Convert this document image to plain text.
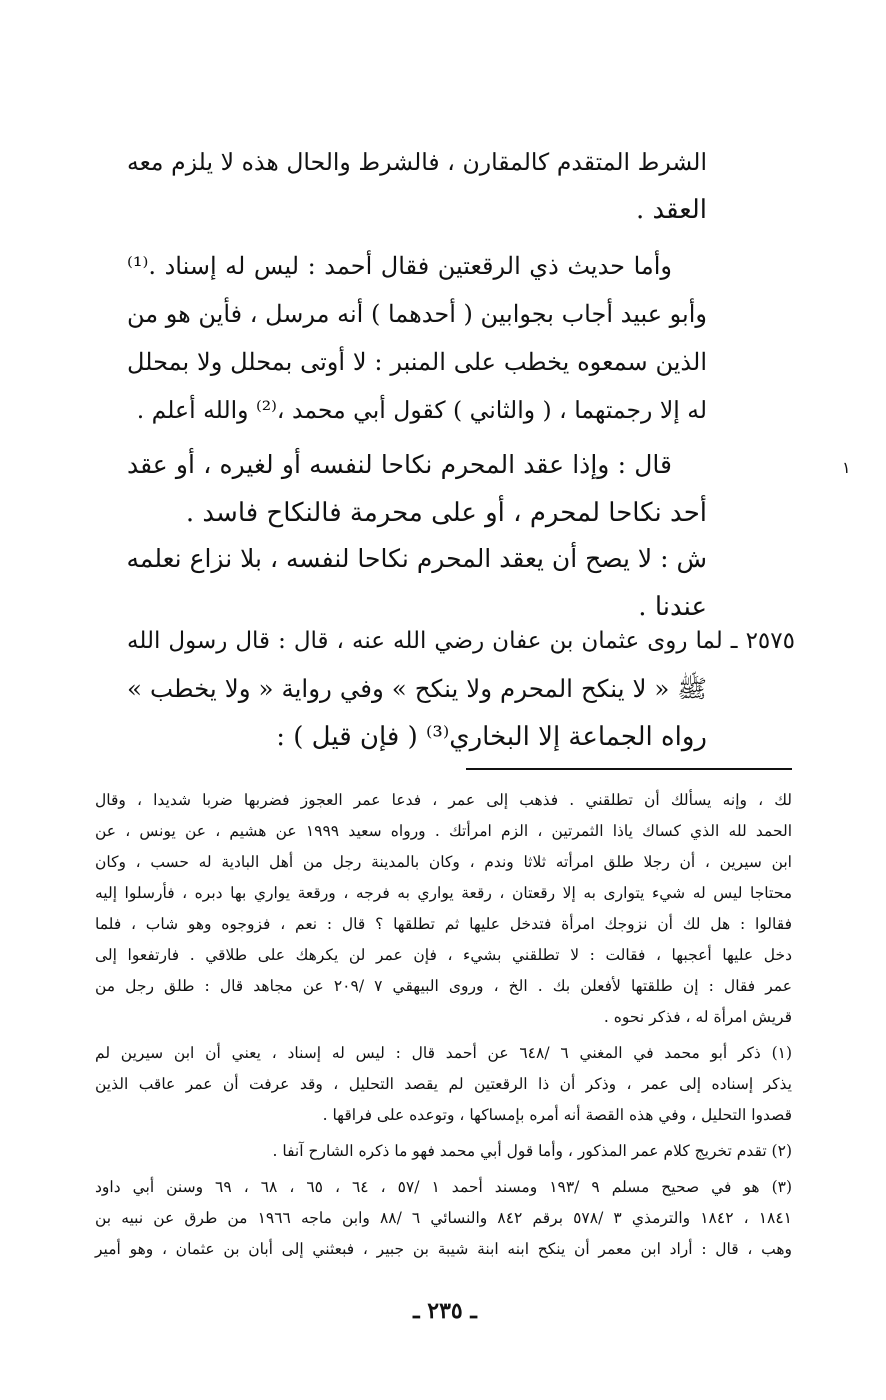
الشرط المتقدم كالمقارن ، فالشرط والحال هذه لا يلزم معه
العقد .
وأما حديث ذي الرقعتين فقال أحمد : ليس له إسناد .⁽¹⁾
وأبو عبيد أجاب بجوابين ( أحدهما ) أنه مرسل ، فأين هو من
الذين سمعوه يخطب على المنبر : لا أوتى بمحلل ولا بمحلل
له إلا رجمتهما ، ( والثاني ) كقول أبي محمد ،⁽²⁾ والله أعلم .
قال : وإذا عقد المحرم نكاحا لنفسه أو لغيره ، أو عقد
أحد نكاحا لمحرم ، أو على محرمة فالنكاح فاسد .
ش : لا يصح أن يعقد المحرم نكاحا لنفسه ، بلا نزاع نعلمه
عندنا .
٢٥٧٥ ـ لما روى عثمان بن عفان رضي الله عنه ، قال : قال رسول الله
ﷺ « لا ينكح المحرم ولا ينكح » وفي رواية « ولا يخطب »
رواه الجماعة إلا البخاري⁽³⁾ ( فإن قيل ) :
١
لك ، وإنه يسألك أن تطلقني . فذهب إلى عمر ، فدعا عمر العجوز فضربها ضربا شديدا ، وقال
الحمد لله الذي كساك ياذا الثمرتين ، الزم امرأتك . ورواه سعيد ١٩٩٩ عن هشيم ، عن يونس ، عن
ابن سيرين ، أن رجلا طلق امرأته ثلاثا وندم ، وكان بالمدينة رجل من أهل البادية له حسب ، وكان
محتاجا ليس له شيء يتوارى به إلا رقعتان ، رقعة يواري به فرجه ، ورقعة يواري بها دبره ، فأرسلوا إليه
فقالوا : هل لك أن نزوجك امرأة فتدخل عليها ثم تطلقها ؟ قال : نعم ، فزوجوه وهو شاب ، فلما
دخل عليها أعجبها ، فقالت : لا تطلقني بشيء ، فإن عمر لن يكرهك على طلاقي . فارتفعوا إلى
عمر فقال : إن طلقتها لأفعلن بك . الخ ، وروى البيهقي ٧ /٢٠٩ عن مجاهد قال : طلق رجل من
قريش امرأة له ، فذكر نحوه .
(١) ذكر أبو محمد في المغني ٦ /٦٤٨ عن أحمد قال : ليس له إسناد ، يعني أن ابن سيرين لم
يذكر إسناده إلى عمر ، وذكر أن ذا الرقعتين لم يقصد التحليل ، وقد عرفت أن عمر عاقب الذين
قصدوا التحليل ، وفي هذه القصة أنه أمره بإمساكها ، وتوعده على فراقها .
(٢) تقدم تخريج كلام عمر المذكور ، وأما قول أبي محمد فهو ما ذكره الشارح آنفا .
(٣) هو في صحيح مسلم ٩ /١٩٣ ومسند أحمد ١ /٥٧ ، ٦٤ ، ٦٥ ، ٦٨ ، ٦٩ وسنن أبي داود
١٨٤١ ، ١٨٤٢ والترمذي ٣ /٥٧٨ برقم ٨٤٢ والنسائي ٦ /٨٨ وابن ماجه ١٩٦٦ من طرق عن نبيه بن
وهب ، قال : أراد ابن معمر أن ينكح ابنه ابنة شيبة بن جبير ، فبعثني إلى أبان بن عثمان ، وهو أمير
ـ ٢٣٥ ـ
